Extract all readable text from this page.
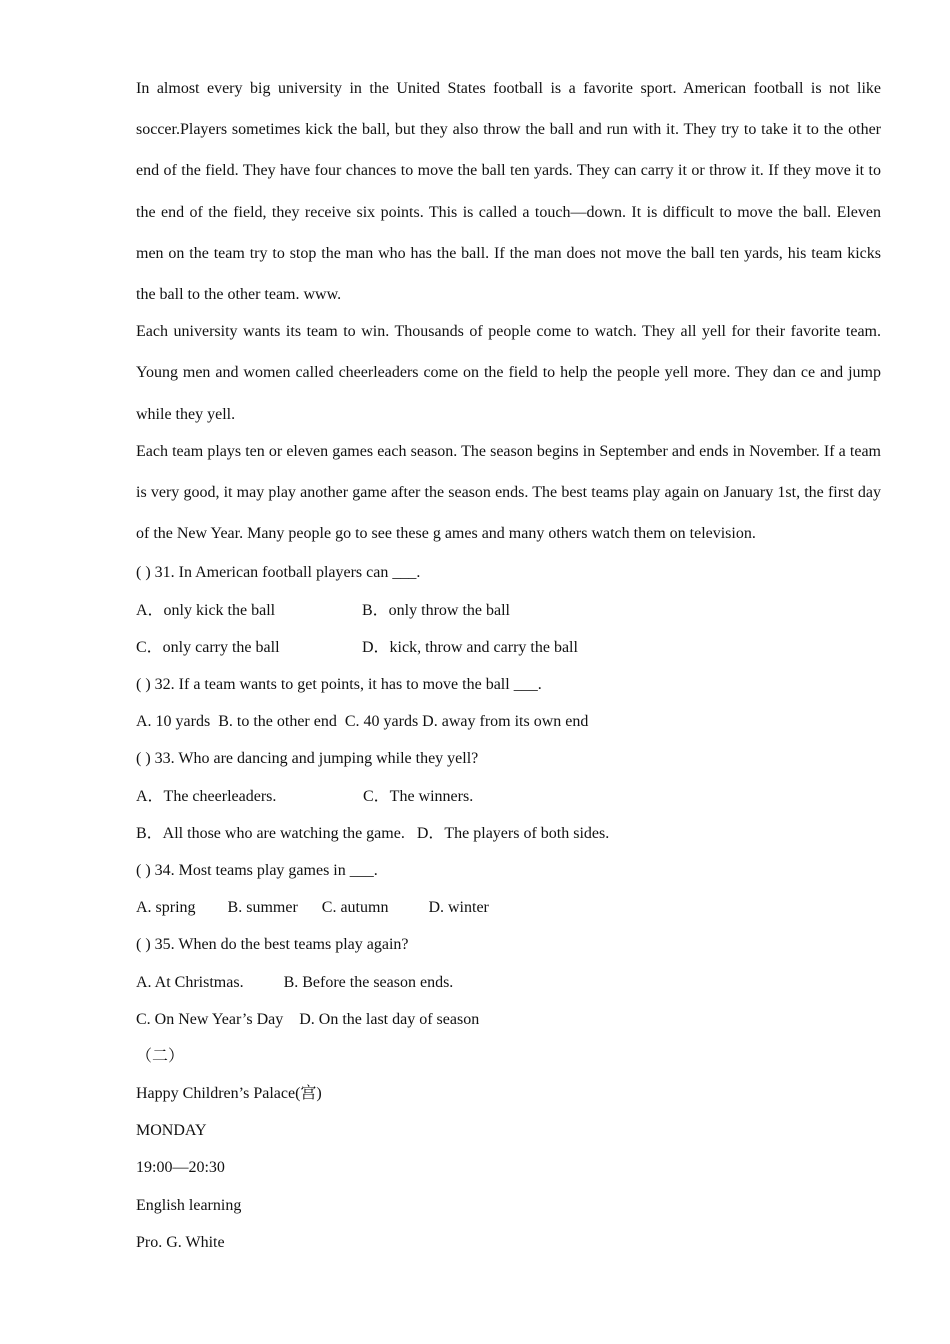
In almost every big university in the United States football is a favorite sport. American football is not like soccer.Players sometimes kick the ball, but they also throw the ball and run with it. They try to take it to the other end of the field. They have four chances to move the ball ten yards. They can carry it or throw it. If they move it to the end of the field, they receive six points. This is called a touch—down. It is difficult to move the ball. Eleven men on the team try to stop the man who has the ball. If the man does not move the ball ten yards, his team kicks the ball to the other team. www.

Each university wants its team to win. Thousands of people come to watch. They all yell for their favorite team. Young men and women called cheerleaders come on the field to help the people yell more. They dan ce and jump while they yell.

Each team plays ten or eleven games each season. The season begins in September and ends in November. If a team is very good, it may play another game after the season ends. The best teams play again on January 1st, the first day of the New Year. Many people go to see these g ames and many others watch them on television.

( ) 31. In American football players can ___.

A．only kick the ball	B．only throw the ball
C．only carry the ball	D．kick, throw and carry the ball

( ) 32. If a team wants to get points, it has to move the ball ___.

A. 10 yards  B. to the other end  C. 40 yards D. away from its own end

( ) 33. Who are dancing and jumping while they yell?

A．The cheerleaders.	C．The winners.

B．All those who are watching the game.   D．The players of both sides.

( ) 34. Most teams play games in ___.

A. spring        B. summer      C. autumn          D. winter

( ) 35. When do the best teams play again?

A. At Christmas.          B. Before the season ends.

C. On New Year’s Day    D. On the last day of season

（二）

Happy Children’s Palace(宫)

MONDAY

19:00—20:30

English learning

Pro. G. White
